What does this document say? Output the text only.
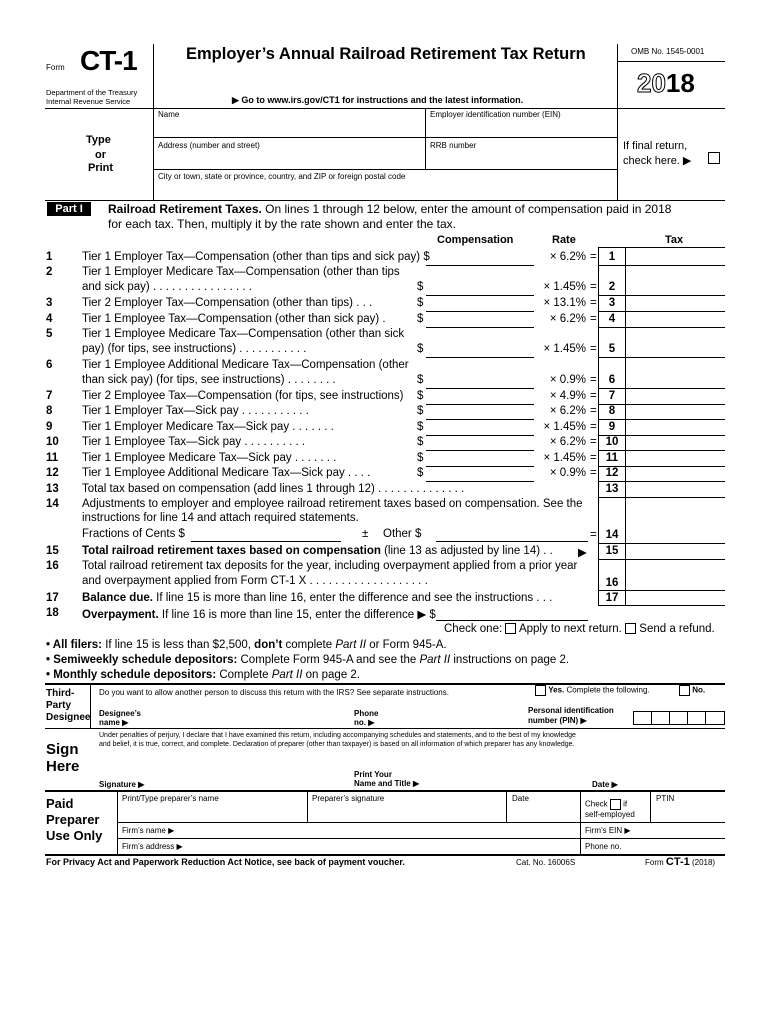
Form CT-1
Department of the Treasury
Internal Revenue Service
Employer’s Annual Railroad Retirement Tax Return
▶ Go to www.irs.gov/CT1 for instructions and the latest information.
OMB No. 1545-0001
2018
Type
or
Print
Name	Employer identification number (EIN)
Address (number and street)	RRB number
City or town, state or province, country, and ZIP or foreign postal code
If final return,
check here. ▶
Part I	Railroad Retirement Taxes. On lines 1 through 12 below, enter the amount of compensation paid in 2018
for each tax. Then, multiply it by the rate shown and enter the tax.
Compensation	Rate	Tax
1	Tier 1 Employer Tax—Compensation (other than tips and sick pay) $	× 6.2% =	1
2	Tier 1 Employer Medicare Tax—Compensation (other than tips
and sick pay) . . . . . . . . . . . . . . . .	$	× 1.45% =	2
3	Tier 2 Employer Tax—Compensation (other than tips) . . .	$	× 13.1% =	3
4	Tier 1 Employee Tax—Compensation (other than sick pay) .	$	× 6.2% =	4
5	Tier 1 Employee Medicare Tax—Compensation (other than sick
pay) (for tips, see instructions) . . . . . . . . . . .	$	× 1.45% =	5
6	Tier 1 Employee Additional Medicare Tax—Compensation (other
than sick pay) (for tips, see instructions) . . . . . . . .	$	× 0.9% =	6
7	Tier 2 Employee Tax—Compensation (for tips, see instructions) $	× 4.9% =	7
8	Tier 1 Employer Tax—Sick pay . . . . . . . . . . .	$	× 6.2% =	8
9	Tier 1 Employer Medicare Tax—Sick pay . . . . . . .	$	× 1.45% =	9
10	Tier 1 Employee Tax—Sick pay . . . . . . . . . .	$	× 6.2% = 10
11	Tier 1 Employee Medicare Tax—Sick pay . . . . . . .	$	× 1.45% = 11
12	Tier 1 Employee Additional Medicare Tax—Sick pay . . . .	$	× 0.9% = 12
13	Total tax based on compensation (add lines 1 through 12) . . . . . . . . . . . . . .	13
14	Adjustments to employer and employee railroad retirement taxes based on compensation. See the
instructions for line 14 and attach required statements.
Fractions of Cents $	± Other $	= 14
15	Total railroad retirement taxes based on compensation (line 13 as adjusted by line 14) . . ▶	15
16	Total railroad retirement tax deposits for the year, including overpayment applied from a prior year
and overpayment applied from Form CT-1 X . . . . . . . . . . . . . . . . . . .	16
17	Balance due. If line 15 is more than line 16, enter the difference and see the instructions . . .	17
18	Overpayment. If line 16 is more than line 15, enter the difference ▶ $
Check one: Apply to next return. Send a refund.
• All filers: If line 15 is less than $2,500, don’t complete Part II or Form 945-A.
• Semiweekly schedule depositors: Complete Form 945-A and see the Part II instructions on page 2.
• Monthly schedule depositors: Complete Part II on page 2.
Third-
Party
Designee
Do you want to allow another person to discuss this return with the IRS? See separate instructions.	Yes. Complete the following.	No.
Designee’s
name ▶
Phone
no. ▶
Personal identification
number (PIN) ▶
Sign
Here
Under penalties of perjury, I declare that I have examined this return, including accompanying schedules and statements, and to the best of my knowledge
and belief, it is true, correct, and complete. Declaration of preparer (other than taxpayer) is based on all information of which preparer has any knowledge.
Signature ▶
Print Your
Name and Title ▶	Date ▶
Paid
Preparer
Use Only
Print/Type preparer’s name	Preparer’s signature	Date
Check if
self-employed
PTIN
Firm’s name ▶	Firm’s EIN ▶
Firm’s address ▶	Phone no.
For Privacy Act and Paperwork Reduction Act Notice, see back of payment voucher.	Cat. No. 16006S	Form CT-1 (2018)
